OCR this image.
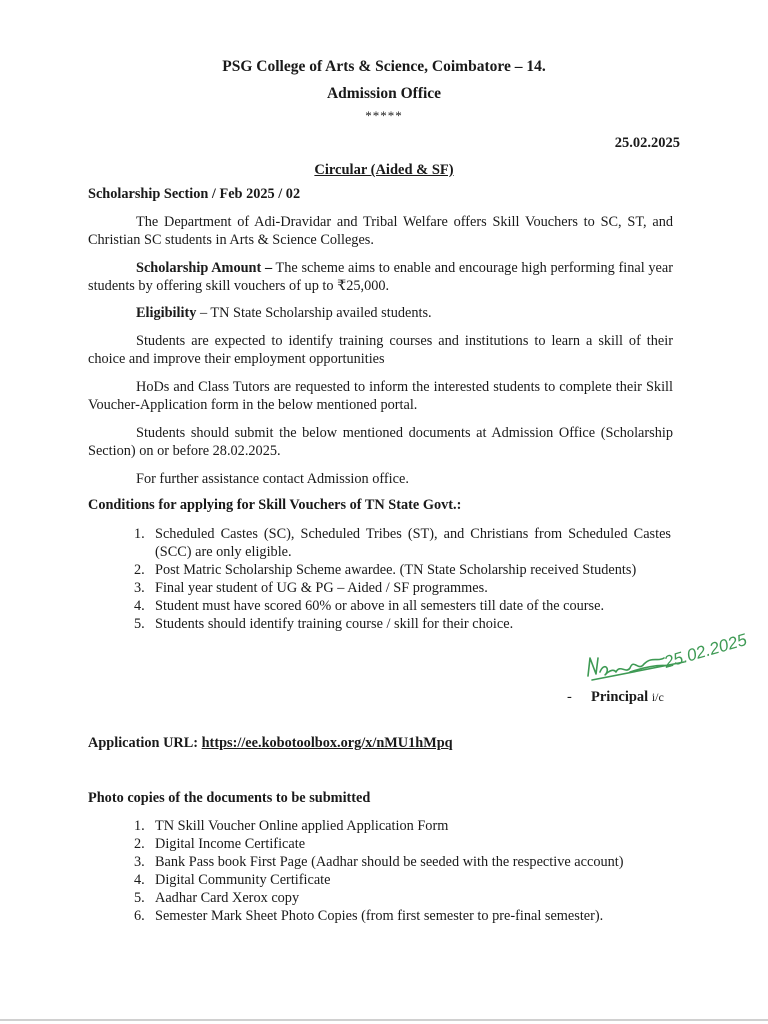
PSG College of Arts & Science, Coimbatore – 14.
Admission Office
*****
25.02.2025
Circular (Aided & SF)
Scholarship Section / Feb 2025 / 02

The Department of Adi-Dravidar and Tribal Welfare offers Skill Vouchers to SC, ST, and Christian SC students in Arts & Science Colleges.

Scholarship Amount – The scheme aims to enable and encourage high performing final year students by offering skill vouchers of up to ₹25,000.

Eligibility – TN State Scholarship availed students.

Students are expected to identify training courses and institutions to learn a skill of their choice and improve their employment opportunities

HoDs and Class Tutors are requested to inform the interested students to complete their Skill Voucher-Application form in the below mentioned portal.

Students should submit the below mentioned documents at Admission Office (Scholarship Section) on or before 28.02.2025.

For further assistance contact Admission office.

Conditions for applying for Skill Vouchers of TN State Govt.:
1. Scheduled Castes (SC), Scheduled Tribes (ST), and Christians from Scheduled Castes (SCC) are only eligible.
2. Post Matric Scholarship Scheme awardee. (TN State Scholarship received Students)
3. Final year student of UG & PG – Aided / SF programmes.
4. Student must have scored 60% or above in all semesters till date of the course.
5. Students should identify training course / skill for their choice.
25.02.2025
- Principal i/c
Application URL: https://ee.kobotoolbox.org/x/nMU1hMpq
Photo copies of the documents to be submitted
1. TN Skill Voucher Online applied Application Form
2. Digital Income Certificate
3. Bank Pass book First Page (Aadhar should be seeded with the respective account)
4. Digital Community Certificate
5. Aadhar Card Xerox copy
6. Semester Mark Sheet Photo Copies (from first semester to pre-final semester).
